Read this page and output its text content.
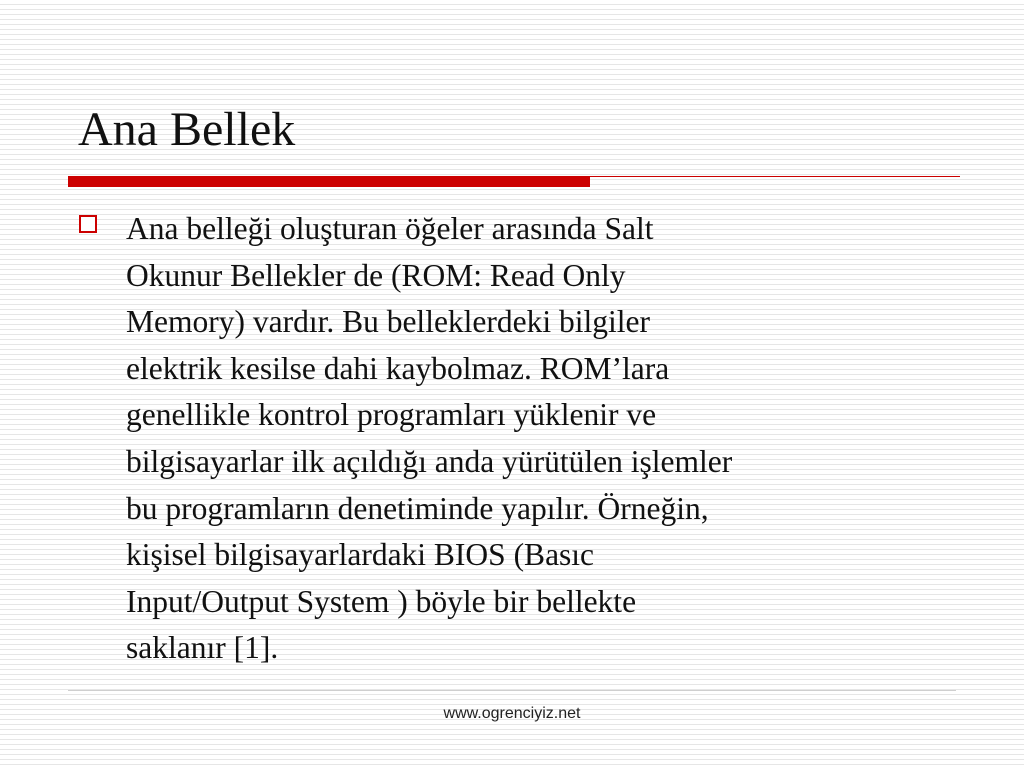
Ana Bellek
Ana belleği oluşturan öğeler arasında Salt
Okunur Bellekler de (ROM: Read Only
Memory) vardır. Bu belleklerdeki bilgiler
elektrik kesilse dahi kaybolmaz. ROM’lara
genellikle kontrol programları yüklenir ve
bilgisayarlar ilk açıldığı anda yürütülen işlemler
bu programların denetiminde yapılır. Örneğin,
kişisel bilgisayarlardaki BIOS (Basıc
Input/Output System ) böyle bir bellekte
saklanır [1].
www.ogrenciyiz.net
